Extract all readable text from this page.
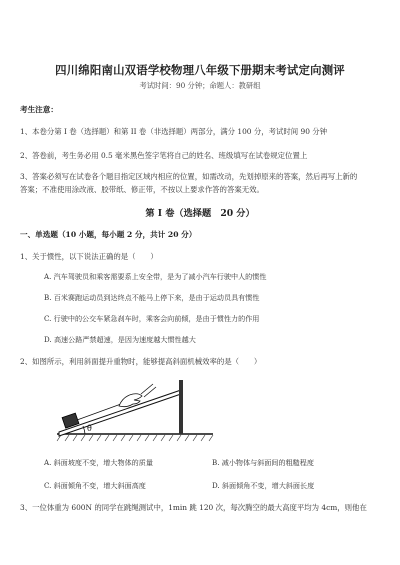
四川绵阳南山双语学校物理八年级下册期末考试定向测评
考试时间：90 分钟；命题人：教研组
考生注意：
1、本卷分第 I 卷（选择题）和第 II 卷（非选择题）两部分，满分 100 分，考试时间 90 分钟
2、答卷前，考生务必用 0.5 毫米黑色签字笔将自己的姓名、班级填写在试卷规定位置上
3、答案必须写在试卷各个题目指定区域内相应的位置，如需改动，先划掉原来的答案，然后再写上新的
答案；不准使用涂改液、胶带纸、修正带，不按以上要求作答的答案无效。
第 I 卷（选择题　20 分）
一、单选题（10 小题，每小题 2 分，共计 20 分）
1、关于惯性，以下说法正确的是（　　）
A. 汽车驾驶员和乘客需要系上安全带，是为了减小汽车行驶中人的惯性
B. 百米赛跑运动员到达终点不能马上停下来，是由于运动员具有惯性
C. 行驶中的公交车紧急刹车时，乘客会向前倾，是由于惯性力的作用
D. 高速公路严禁超速，是因为速度越大惯性越大
2、如图所示，利用斜面提升重物时，能够提高斜面机械效率的是（　　）
θ
A. 斜面坡度不变，增大物体的质量	B. 减小物体与斜面间的粗糙程度
C. 斜面倾角不变，增大斜面高度	D. 斜面倾角不变，增大斜面长度
3、一位体重为 600N 的同学在跳绳测试中，1min 跳 120 次，每次腾空的最大高度平均为 4cm，则他在
